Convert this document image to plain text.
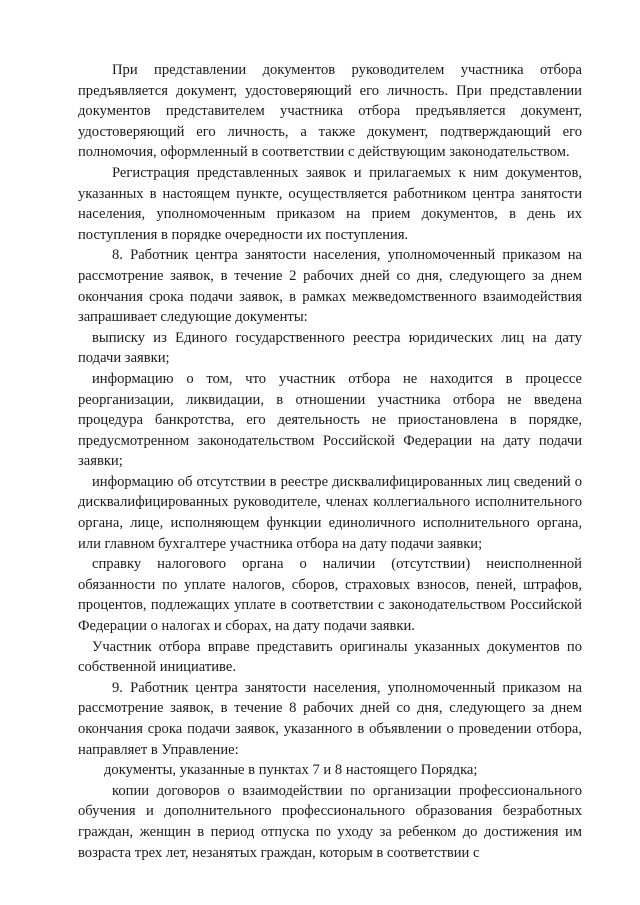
При представлении документов руководителем участника отбора предъявляется документ, удостоверяющий его личность. При представлении документов представителем участника отбора предъявляется документ, удостоверяющий его личность, а также документ, подтверждающий его полномочия, оформленный в соответствии с действующим законодательством.

Регистрация представленных заявок и прилагаемых к ним документов, указанных в настоящем пункте, осуществляется работником центра занятости населения, уполномоченным приказом на прием документов, в день их поступления в порядке очередности их поступления.

8. Работник центра занятости населения, уполномоченный приказом на рассмотрение заявок, в течение 2 рабочих дней со дня, следующего за днем окончания срока подачи заявок, в рамках межведомственного взаимодействия запрашивает следующие документы:

выписку из Единого государственного реестра юридических лиц на дату подачи заявки;

информацию о том, что участник отбора не находится в процессе реорганизации, ликвидации, в отношении участника отбора не введена процедура банкротства, его деятельность не приостановлена в порядке, предусмотренном законодательством Российской Федерации на дату подачи заявки;

информацию об отсутствии в реестре дисквалифицированных лиц сведений о дисквалифицированных руководителе, членах коллегиального исполнительного органа, лице, исполняющем функции единоличного исполнительного органа, или главном бухгалтере участника отбора на дату подачи заявки;

справку налогового органа о наличии (отсутствии) неисполненной обязанности по уплате налогов, сборов, страховых взносов, пеней, штрафов, процентов, подлежащих уплате в соответствии с законодательством Российской Федерации о налогах и сборах, на дату подачи заявки.

Участник отбора вправе представить оригиналы указанных документов по собственной инициативе.

9. Работник центра занятости населения, уполномоченный приказом на рассмотрение заявок, в течение 8 рабочих дней со дня, следующего за днем окончания срока подачи заявок, указанного в объявлении о проведении отбора, направляет в Управление:

документы, указанные в пунктах 7 и 8 настоящего Порядка;

копии договоров о взаимодействии по организации профессионального обучения и дополнительного профессионального образования безработных граждан, женщин в период отпуска по уходу за ребенком до достижения им возраста трех лет, незанятых граждан, которым в соответствии с
